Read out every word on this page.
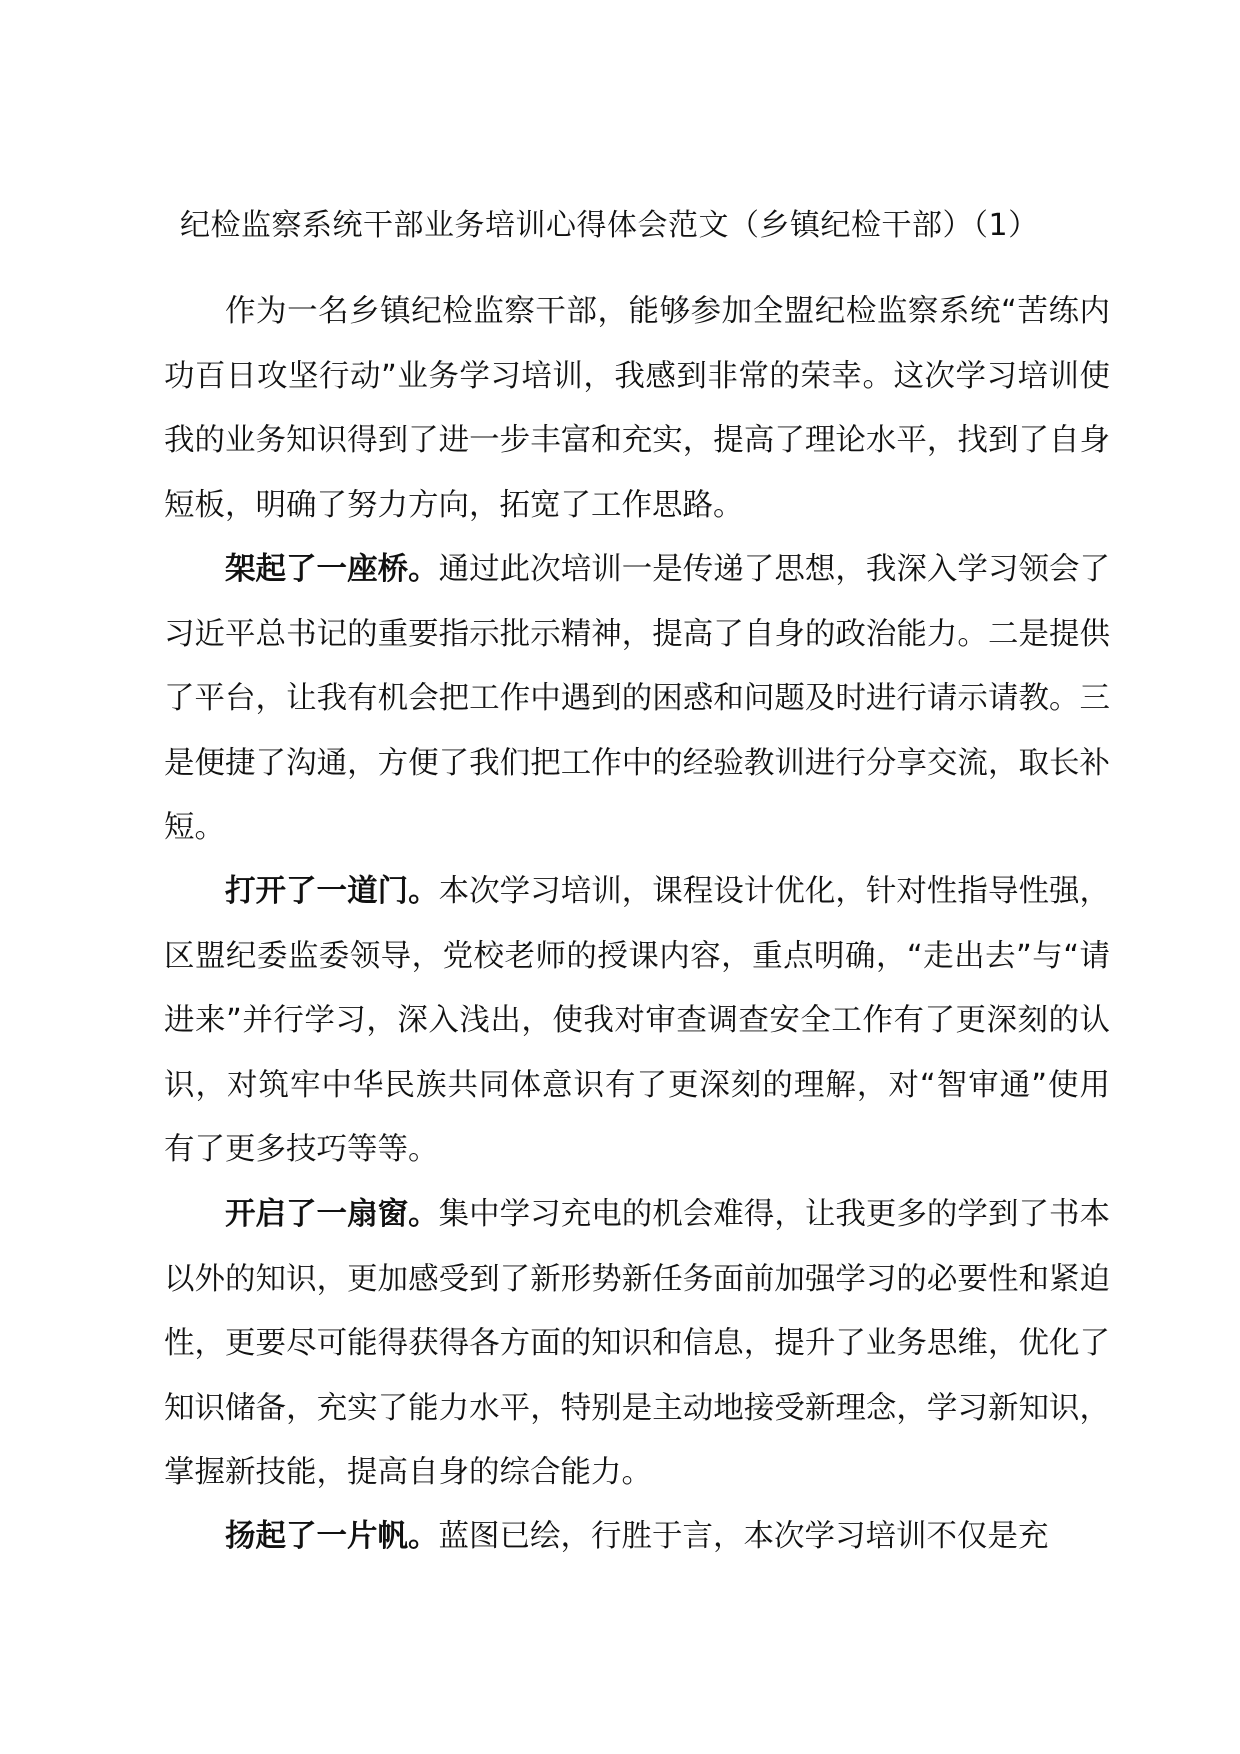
纪检监察系统干部业务培训心得体会范文（乡镇纪检干部）（1）

作为一名乡镇纪检监察干部，能够参加全盟纪检监察系统“苦练内功百日攻坚行动”业务学习培训，我感到非常的荣幸。这次学习培训使我的业务知识得到了进一步丰富和充实，提高了理论水平，找到了自身短板，明确了努力方向，拓宽了工作思路。

架起了一座桥。通过此次培训一是传递了思想，我深入学习领会了习近平总书记的重要指示批示精神，提高了自身的政治能力。二是提供了平台，让我有机会把工作中遇到的困惑和问题及时进行请示请教。三是便捷了沟通，方便了我们把工作中的经验教训进行分享交流，取长补短。

打开了一道门。本次学习培训，课程设计优化，针对性指导性强，区盟纪委监委领导，党校老师的授课内容，重点明确，“走出去”与“请进来”并行学习，深入浅出，使我对审查调查安全工作有了更深刻的认识，对筑牢中华民族共同体意识有了更深刻的理解，对“智审通”使用有了更多技巧等等。

开启了一扇窗。集中学习充电的机会难得，让我更多的学到了书本以外的知识，更加感受到了新形势新任务面前加强学习的必要性和紧迫性，更要尽可能得获得各方面的知识和信息，提升了业务思维，优化了知识储备，充实了能力水平，特别是主动地接受新理念，学习新知识，掌握新技能，提高自身的综合能力。

扬起了一片帆。蓝图已绘，行胜于言，本次学习培训不仅是充
